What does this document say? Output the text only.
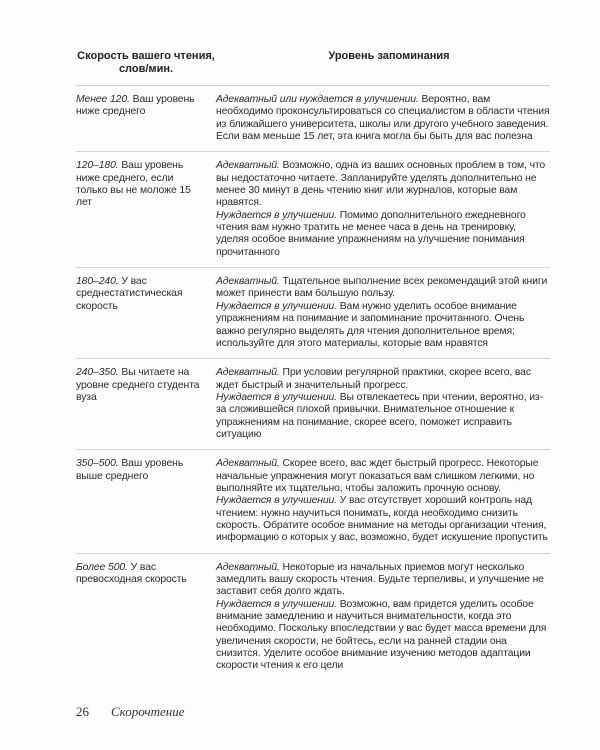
Скорость вашего чтения,
слов/мин.
Уровень запоминания
Менее 120. Ваш уровень ниже среднего
Адекватный или нуждается в улучшении. Вероятно, вам необходимо проконсультироваться со специалистом в области чтения из ближайшего университета, школы или другого учебного заведения. Если вам меньше 15 лет, эта книга могла бы быть для вас полезна
120–180. Ваш уровень ниже среднего, если только вы не моложе 15 лет
Адекватный. Возможно, одна из ваших основных проблем в том, что вы недостаточно читаете. Запланируйте уделять дополнительно не менее 30 минут в день чтению книг или журналов, которые вам нравятся.
Нуждается в улучшении. Помимо дополнительного ежедневного чтения вам нужно тратить не менее часа в день на тренировку, уделяя особое внимание упражнениям на улучшение понимания прочитанного
180–240. У вас среднестатистическая скорость
Адекватный. Тщательное выполнение всех рекомендаций этой книги может принести вам большую пользу.
Нуждается в улучшении. Вам нужно уделить особое внимание упражнениям на понимание и запоминание прочитанного. Очень важно регулярно выделять для чтения дополнительное время; используйте для этого материалы, которые вам нравятся
240–350. Вы читаете на уровне среднего студента вуза
Адекватный. При условии регулярной практики, скорее всего, вас ждет быстрый и значительный прогресс.
Нуждается в улучшении. Вы отвлекаетесь при чтении, вероятно, из-за сложившейся плохой привычки. Внимательное отношение к упражнениям на понимание, скорее всего, поможет исправить ситуацию
350–500. Ваш уровень выше среднего
Адекватный. Скорее всего, вас ждет быстрый прогресс. Некоторые начальные упражнения могут показаться вам слишком легкими, но выполняйте их тщательно, чтобы заложить прочную основу.
Нуждается в улучшении. У вас отсутствует хороший контроль над чтением: нужно научиться понимать, когда необходимо снизить скорость. Обратите особое внимание на методы организации чтения, информацию о которых у вас, возможно, будет искушение пропустить
Более 500. У вас превосходная скорость
Адекватный. Некоторые из начальных приемов могут несколько замедлить вашу скорость чтения. Будьте терпеливы, и улучшение не заставит себя долго ждать.
Нуждается в улучшении. Возможно, вам придется уделить особое внимание замедлению и научиться внимательности, когда это необходимо. Поскольку впоследствии у вас будет масса времени для увеличения скорости, не бойтесь, если на ранней стадии она снизится. Уделите особое внимание изучению методов адаптации скорости чтения к его цели
26 Скорочтение
